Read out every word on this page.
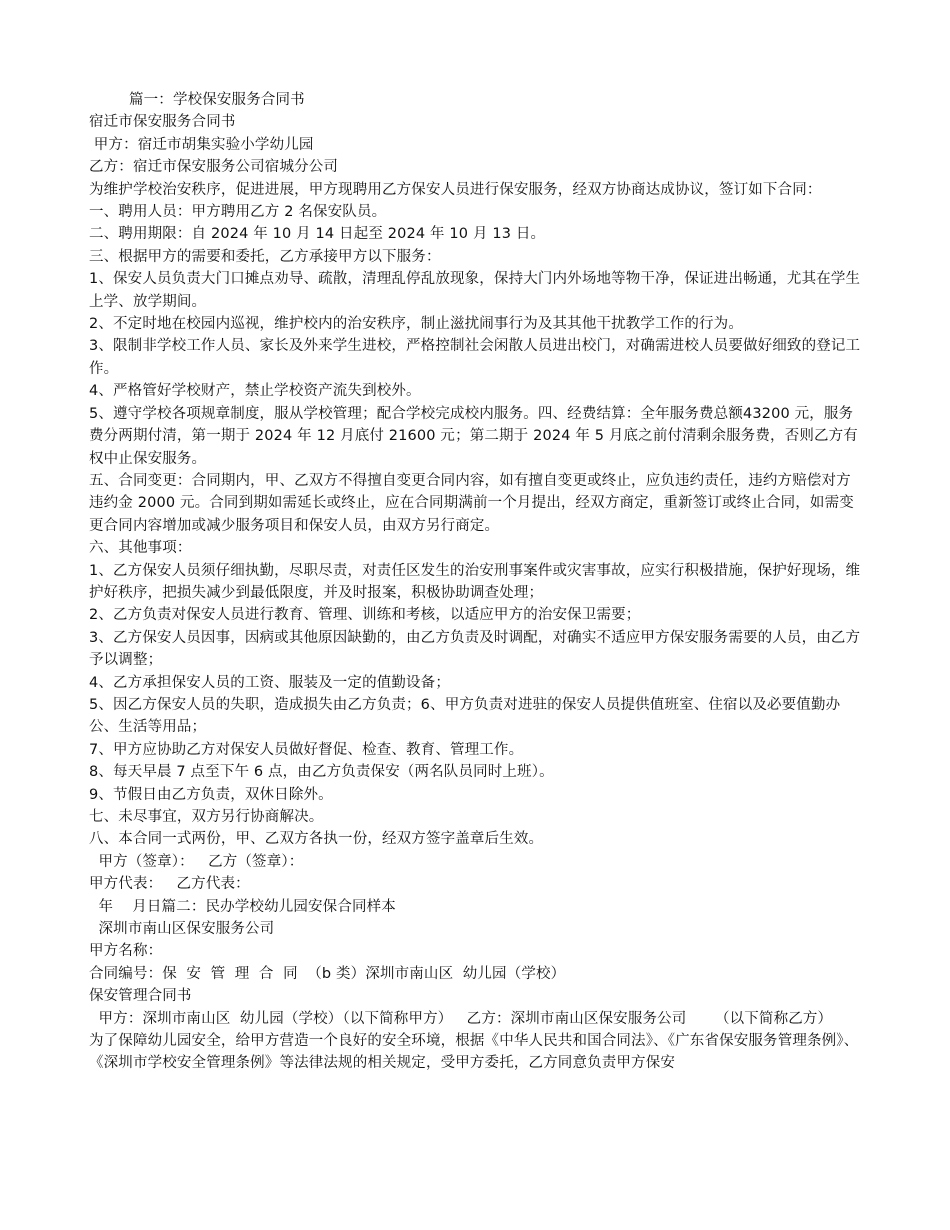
篇一：学校保安服务合同书

宿迁市保安服务合同书

甲方：宿迁市胡集实验小学幼儿园

乙方：宿迁市保安服务公司宿城分公司

为维护学校治安秩序，促进进展，甲方现聘用乙方保安人员进行保安服务，经双方协商达成协议，签订如下合同：

一、聘用人员：甲方聘用乙方 2 名保安队员。

二、聘用期限：自 2024 年 10 月 14 日起至 2024 年 10 月 13 日。

三、根据甲方的需要和委托，乙方承接甲方以下服务：

1、保安人员负责大门口摊点劝导、疏散，清理乱停乱放现象，保持大门内外场地等物干净，保证进出畅通，尤其在学生上学、放学期间。

2、不定时地在校园内巡视，维护校内的治安秩序，制止滋扰闹事行为及其其他干扰教学工作的行为。

3、限制非学校工作人员、家长及外来学生进校，严格控制社会闲散人员进出校门，对确需进校人员要做好细致的登记工作。

4、严格管好学校财产，禁止学校资产流失到校外。

5、遵守学校各项规章制度，服从学校管理；配合学校完成校内服务。四、经费结算：全年服务费总额43200 元，服务费分两期付清，第一期于 2024 年 12 月底付 21600 元；第二期于 2024 年 5 月底之前付清剩余服务费，否则乙方有权中止保安服务。

五、合同变更：合同期内，甲、乙双方不得擅自变更合同内容，如有擅自变更或终止，应负违约责任，违约方赔偿对方违约金 2000 元。合同到期如需延长或终止，应在合同期满前一个月提出，经双方商定，重新签订或终止合同，如需变更合同内容增加或减少服务项目和保安人员，由双方另行商定。

六、其他事项：

1、乙方保安人员须仔细执勤，尽职尽责，对责任区发生的治安刑事案件或灾害事故，应实行积极措施，保护好现场，维护好秩序，把损失减少到最低限度，并及时报案，积极协助调查处理；

2、乙方负责对保安人员进行教育、管理、训练和考核，以适应甲方的治安保卫需要；

3、乙方保安人员因事，因病或其他原因缺勤的，由乙方负责及时调配，对确实不适应甲方保安服务需要的人员，由乙方予以调整；

4、乙方承担保安人员的工资、服装及一定的值勤设备；

5、因乙方保安人员的失职，造成损失由乙方负责；6、甲方负责对进驻的保安人员提供值班室、住宿以及必要值勤办公、生活等用品；

7、甲方应协助乙方对保安人员做好督促、检查、教育、管理工作。

8、每天早晨 7 点至下午 6 点，由乙方负责保安（两名队员同时上班）。

9、节假日由乙方负责，双休日除外。

七、未尽事宜，双方另行协商解决。

八、本合同一式两份，甲、乙双方各执一份，经双方签字盖章后生效。

甲方（签章）：   乙方（签章）：

甲方代表：   乙方代表：

年    月日篇二：民办学校幼儿园安保合同样本

深圳市南山区保安服务公司

甲方名称：

合同编号：保  安  管  理  合  同  （b 类）深圳市南山区  幼儿园（学校）

保安管理合同书

甲方：深圳市南山区  幼儿园（学校）（以下简称甲方）   乙方：深圳市南山区保安服务公司      （以下简称乙方）

为了保障幼儿园安全，给甲方营造一个良好的安全环境，根据《中华人民共和国合同法》、《广东省保安服务管理条例》、《深圳市学校安全管理条例》等法律法规的相关规定，受甲方委托，乙方同意负责甲方保安
